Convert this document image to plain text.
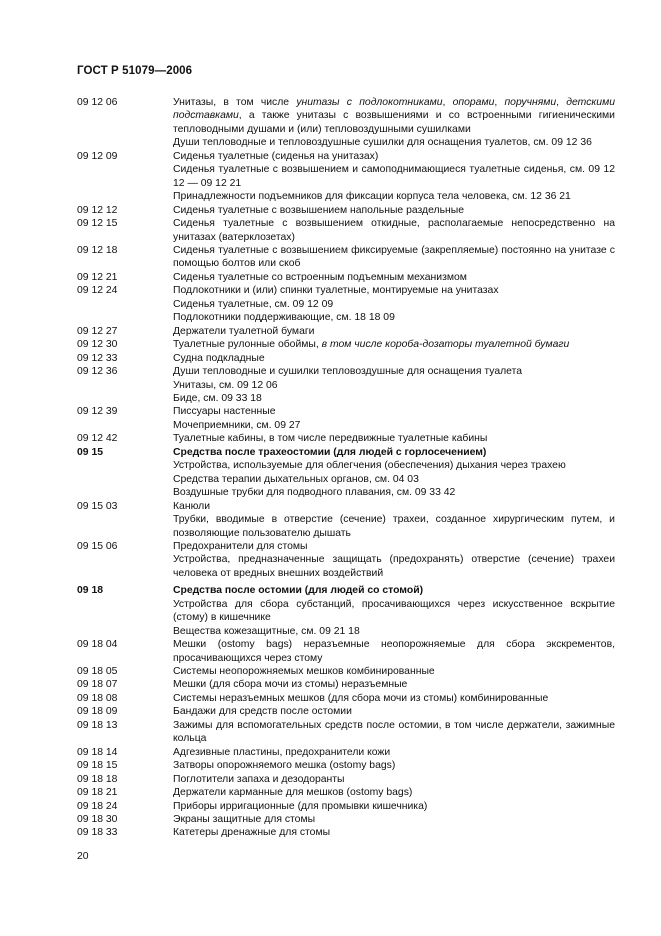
ГОСТ Р 51079—2006
09 12 06	Унитазы, в том числе унитазы с подлокотниками, опорами, поручнями, детскими подставками, а также унитазы с возвышениями и со встроенными гигиеническими тепловодными душами и (или) тепловоздушными сушилками
Души тепловодные и тепловоздушные сушилки для оснащения туалетов, см. 09 12 36
09 12 09	Сиденья туалетные (сиденья на унитазах)
Сиденья туалетные с возвышением и самоподнимающиеся туалетные сиденья, см. 09 12 12 — 09 12 21
Принадлежности подъемников для фиксации корпуса тела человека, см. 12 36 21
09 12 12	Сиденья туалетные с возвышением напольные раздельные
09 12 15	Сиденья туалетные с возвышением откидные, располагаемые непосредственно на унитазах (ватерклозетах)
09 12 18	Сиденья туалетные с возвышением фиксируемые (закрепляемые) постоянно на унитазе с помощью болтов или скоб
09 12 21	Сиденья туалетные со встроенным подъемным механизмом
09 12 24	Подлокотники и (или) спинки туалетные, монтируемые на унитазах
Сиденья туалетные, см. 09 12 09
Подлокотники поддерживающие, см. 18 18 09
09 12 27	Держатели туалетной бумаги
09 12 30	Туалетные рулонные обоймы, в том числе короба-дозаторы туалетной бумаги
09 12 33	Судна подкладные
09 12 36	Души тепловодные и сушилки тепловоздушные для оснащения туалета
Унитазы, см. 09 12 06
Биде, см. 09 33 18
09 12 39	Писсуары настенные
Мочеприемники, см. 09 27
09 12 42	Туалетные кабины, в том числе передвижные туалетные кабины
09 15	Средства после трахеостомии (для людей с горлосечением)
Устройства, используемые для облегчения (обеспечения) дыхания через трахею
Средства терапии дыхательных органов, см. 04 03
Воздушные трубки для подводного плавания, см. 09 33 42
09 15 03	Канюли
Трубки, вводимые в отверстие (сечение) трахеи, созданное хирургическим путем, и позволяющие пользователю дышать
09 15 06	Предохранители для стомы
Устройства, предназначенные защищать (предохранять) отверстие (сечение) трахеи человека от вредных внешних воздействий
09 18	Средства после остомии (для людей со стомой)
Устройства для сбора субстанций, просачивающихся через искусственное вскрытие (стому) в кишечнике
Вещества кожезащитные, см. 09 21 18
09 18 04	Мешки (ostomy bags) неразъемные неопорожняемые для сбора экскрементов, просачивающихся через стому
09 18 05	Системы неопорожняемых мешков комбинированные
09 18 07	Мешки (для сбора мочи из стомы) неразъемные
09 18 08	Системы неразъемных мешков (для сбора мочи из стомы) комбинированные
09 18 09	Бандажи для средств после остомии
09 18 13	Зажимы для вспомогательных средств после остомии, в том числе держатели, зажимные кольца
09 18 14	Адгезивные пластины, предохранители кожи
09 18 15	Затворы опорожняемого мешка (ostomy bags)
09 18 18	Поглотители запаха и дезодоранты
09 18 21	Держатели карманные для мешков (ostomy bags)
09 18 24	Приборы ирригационные (для промывки кишечника)
09 18 30	Экраны защитные для стомы
09 18 33	Катетеры дренажные для стомы
20
